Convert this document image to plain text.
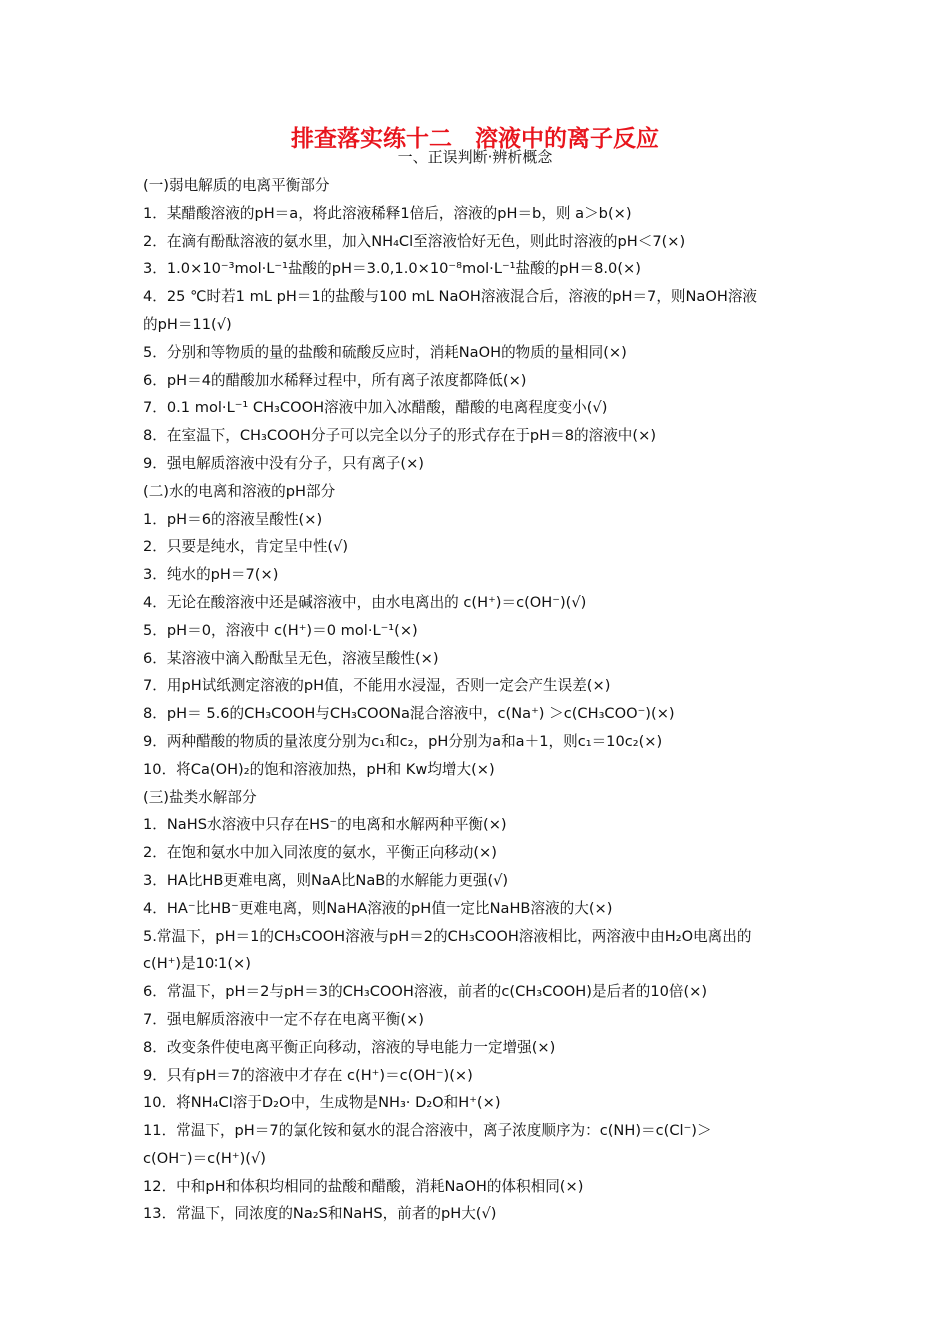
排查落实练十二　溶液中的离子反应
一、正误判断·辨析概念
(一)弱电解质的电离平衡部分
1．某醋酸溶液的pH＝a，将此溶液稀释1倍后，溶液的pH＝b，则 a＞b(×)
2．在滴有酚酞溶液的氨水里，加入NH₄Cl至溶液恰好无色，则此时溶液的pH＜7(×)
3．1.0×10⁻³mol·L⁻¹盐酸的pH＝3.0,1.0×10⁻⁸mol·L⁻¹盐酸的pH＝8.0(×)
4．25 ℃时若1 mL pH＝1的盐酸与100 mL NaOH溶液混合后，溶液的pH＝7，则NaOH溶液
的pH＝11(√)
5．分别和等物质的量的盐酸和硫酸反应时，消耗NaOH的物质的量相同(×)
6．pH＝4的醋酸加水稀释过程中，所有离子浓度都降低(×)
7．0.1 mol·L⁻¹ CH₃COOH溶液中加入冰醋酸，醋酸的电离程度变小(√)
8．在室温下，CH₃COOH分子可以完全以分子的形式存在于pH＝8的溶液中(×)
9．强电解质溶液中没有分子，只有离子(×)
(二)水的电离和溶液的pH部分
1．pH＝6的溶液呈酸性(×)
2．只要是纯水，肯定呈中性(√)
3．纯水的pH＝7(×)
4．无论在酸溶液中还是碱溶液中，由水电离出的 c(H⁺)＝c(OH⁻)(√)
5．pH＝0，溶液中 c(H⁺)＝0 mol·L⁻¹(×)
6．某溶液中滴入酚酞呈无色，溶液呈酸性(×)
7．用pH试纸测定溶液的pH值，不能用水浸湿，否则一定会产生误差(×)
8．pH＝ 5.6的CH₃COOH与CH₃COONa混合溶液中，c(Na⁺) ＞c(CH₃COO⁻)(×)
9．两种醋酸的物质的量浓度分别为c₁和c₂，pH分别为a和a＋1，则c₁＝10c₂(×)
10．将Ca(OH)₂的饱和溶液加热，pH和 Kw均增大(×)
(三)盐类水解部分
1．NaHS水溶液中只存在HS⁻的电离和水解两种平衡(×)
2．在饱和氨水中加入同浓度的氨水，平衡正向移动(×)
3．HA比HB更难电离，则NaA比NaB的水解能力更强(√)
4．HA⁻比HB⁻更难电离，则NaHA溶液的pH值一定比NaHB溶液的大(×)
5.常温下，pH＝1的CH₃COOH溶液与pH＝2的CH₃COOH溶液相比，两溶液中由H₂O电离出的
c(H⁺)是10∶1(×)
6．常温下，pH＝2与pH＝3的CH₃COOH溶液，前者的c(CH₃COOH)是后者的10倍(×)
7．强电解质溶液中一定不存在电离平衡(×)
8．改变条件使电离平衡正向移动，溶液的导电能力一定增强(×)
9．只有pH＝7的溶液中才存在 c(H⁺)＝c(OH⁻)(×)
10．将NH₄Cl溶于D₂O中，生成物是NH₃· D₂O和H⁺(×)
11．常温下，pH＝7的氯化铵和氨水的混合溶液中，离子浓度顺序为：c(NH)＝c(Cl⁻)＞
c(OH⁻)＝c(H⁺)(√)
12．中和pH和体积均相同的盐酸和醋酸，消耗NaOH的体积相同(×)
13．常温下，同浓度的Na₂S和NaHS，前者的pH大(√)
